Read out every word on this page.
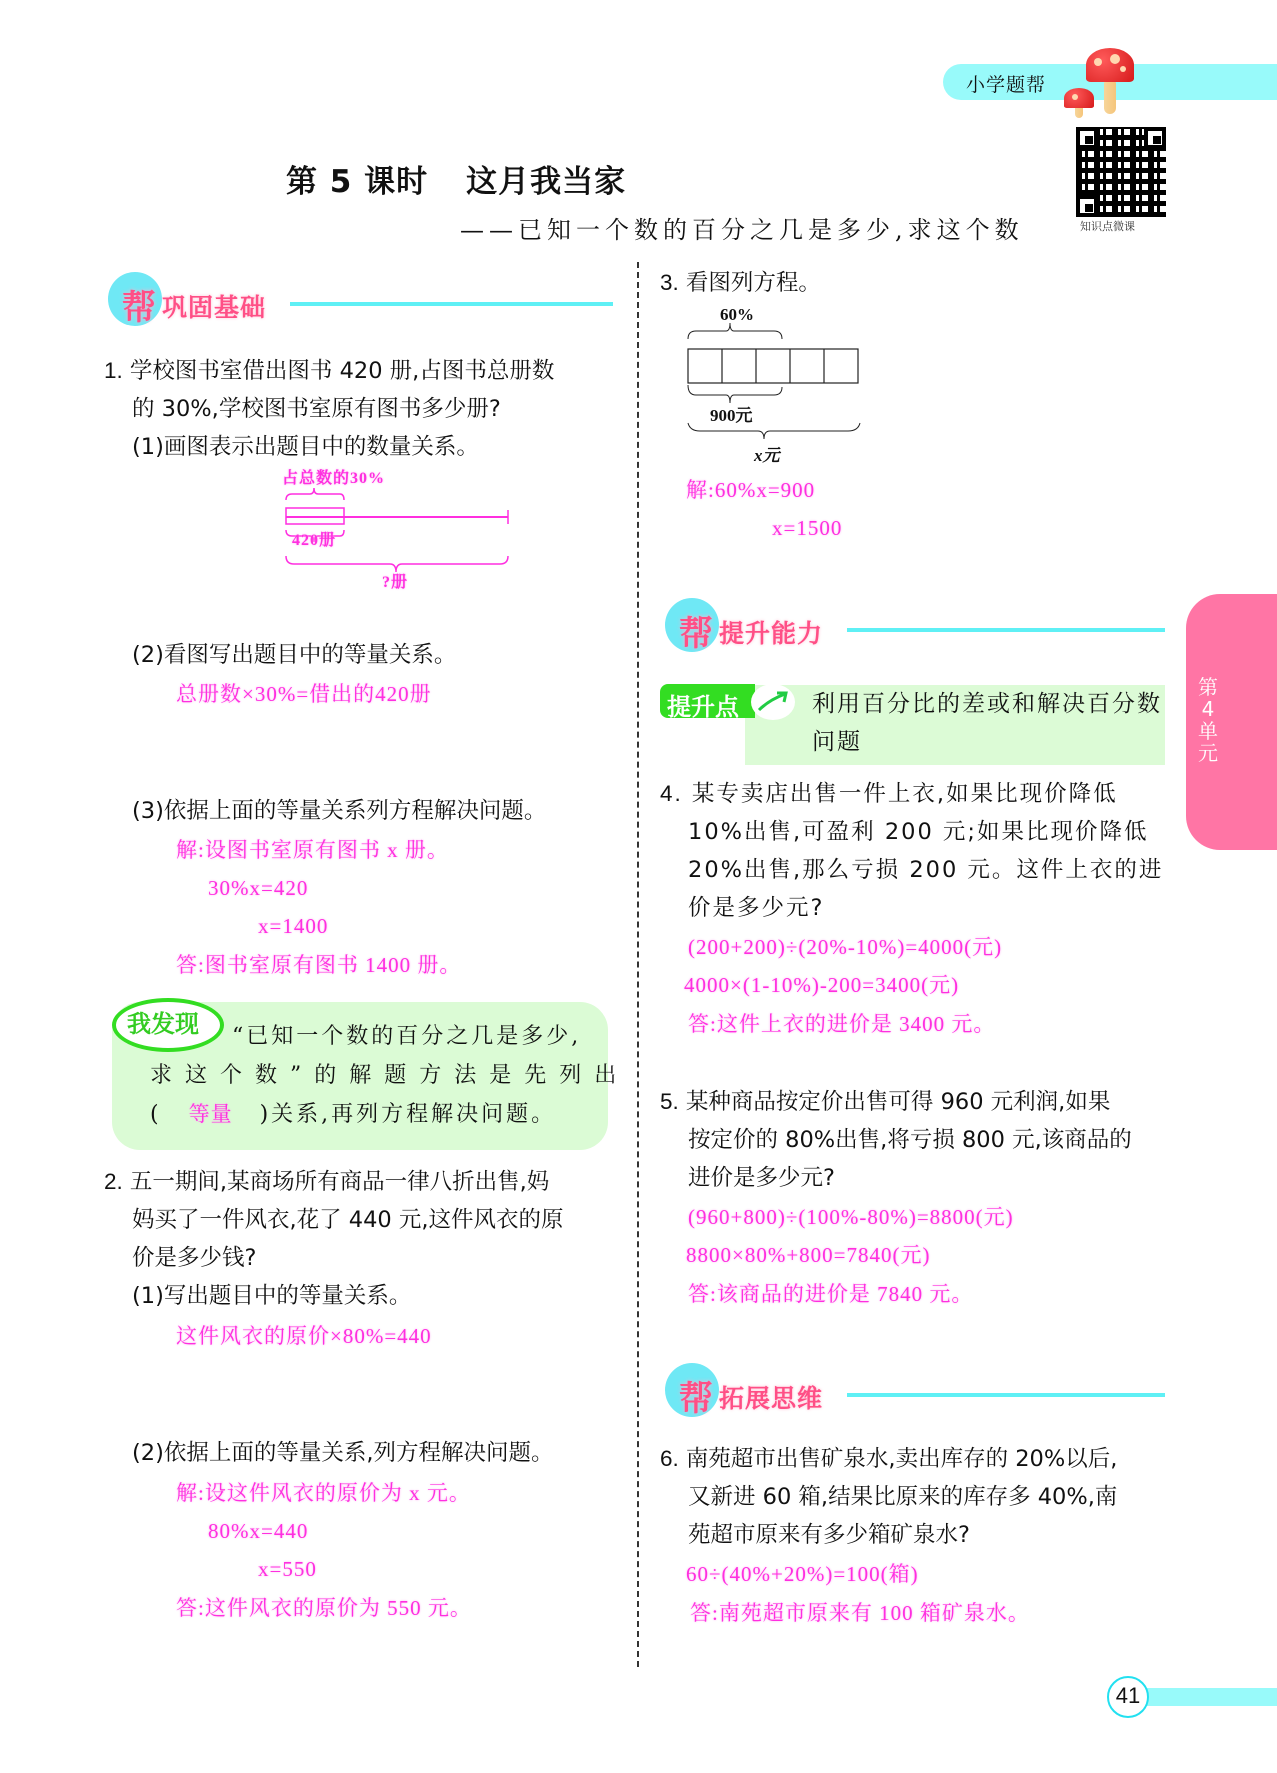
小学题帮
知识点微课
第 5 课时 这月我当家
——已知一个数的百分之几是多少,求这个数
第4单元
帮 巩固基础
1. 学校图书室借出图书 420 册,占图书总册数
的 30%,学校图书室原有图书多少册?
(1)画图表示出题目中的数量关系。
占总数的30%
420册
?册
(2)看图写出题目中的等量关系。
总册数×30%=借出的420册
(3)依据上面的等量关系列方程解决问题。
解:设图书室原有图书 x 册。
30%x=420
x=1400
答:图书室原有图书 1400 册。
我发现 “已知一个数的百分之几是多少,
求这个数”的解题方法是先列出
( 等量 )关系,再列方程解决问题。
2. 五一期间,某商场所有商品一律八折出售,妈
妈买了一件风衣,花了 440 元,这件风衣的原
价是多少钱?
(1)写出题目中的等量关系。
这件风衣的原价×80%=440
(2)依据上面的等量关系,列方程解决问题。
解:设这件风衣的原价为 x 元。
80%x=440
x=550
答:这件风衣的原价为 550 元。
3. 看图列方程。
60%
900元
x元
解:60%x=900
x=1500
帮 提升能力
提升点	利用百分比的差或和解决百分数问题
4. 某专卖店出售一件上衣,如果比现价降低
10%出售,可盈利 200 元;如果比现价降低
20%出售,那么亏损 200 元。这件上衣的进
价是多少元?
(200+200)÷(20%-10%)=4000(元)
4000×(1-10%)-200=3400(元)
答:这件上衣的进价是 3400 元。
5. 某种商品按定价出售可得 960 元利润,如果
按定价的 80%出售,将亏损 800 元,该商品的
进价是多少元?
(960+800)÷(100%-80%)=8800(元)
8800×80%+800=7840(元)
答:该商品的进价是 7840 元。
帮 拓展思维
6. 南苑超市出售矿泉水,卖出库存的 20%以后,
又新进 60 箱,结果比原来的库存多 40%,南
苑超市原来有多少箱矿泉水?
60÷(40%+20%)=100(箱)
答:南苑超市原来有 100 箱矿泉水。
41
